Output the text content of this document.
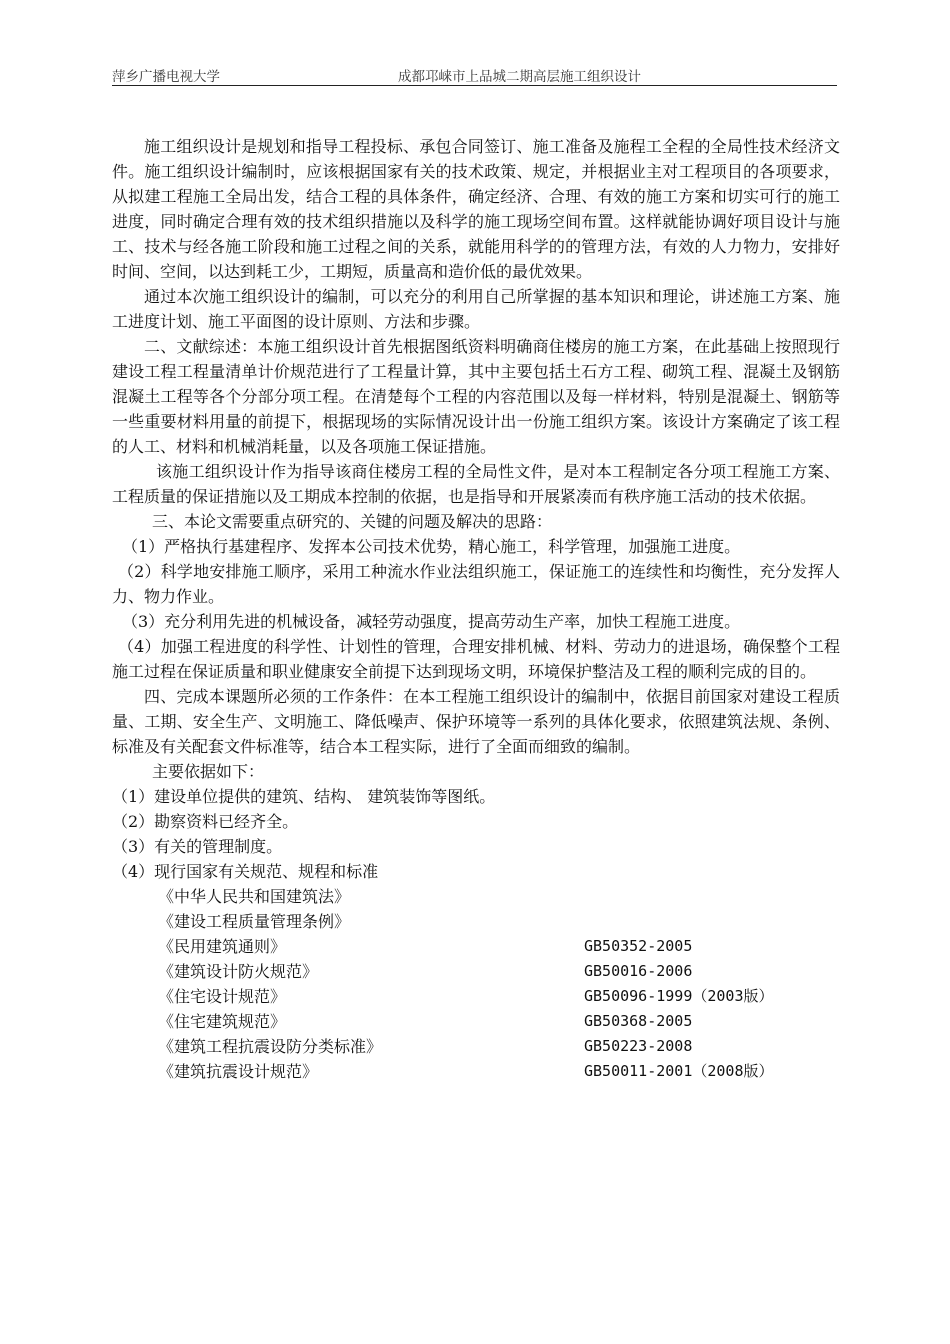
萍乡广播电视大学	成都邛崃市上品城二期高层施工组织设计

施工组织设计是规划和指导工程投标、承包合同签订、施工准备及施程工全程的全局性技术经济文件。施工组织设计编制时，应该根据国家有关的技术政策、规定，并根据业主对工程项目的各项要求，从拟建工程施工全局出发，结合工程的具体条件，确定经济、合理、有效的施工方案和切实可行的施工进度，同时确定合理有效的技术组织措施以及科学的施工现场空间布置。这样就能协调好项目设计与施工、技术与经各施工阶段和施工过程之间的关系，就能用科学的的管理方法，有效的人力物力，安排好时间、空间，以达到耗工少，工期短，质量高和造价低的最优效果。

通过本次施工组织设计的编制，可以充分的利用自己所掌握的基本知识和理论，讲述施工方案、施工进度计划、施工平面图的设计原则、方法和步骤。

二、文献综述：本施工组织设计首先根据图纸资料明确商住楼房的施工方案，在此基础上按照现行建设工程工程量清单计价规范进行了工程量计算，其中主要包括土石方工程、砌筑工程、混凝土及钢筋混凝土工程等各个分部分项工程。在清楚每个工程的内容范围以及每一样材料，特别是混凝土、钢筋等一些重要材料用量的前提下，根据现场的实际情况设计出一份施工组织方案。该设计方案确定了该工程的人工、材料和机械消耗量，以及各项施工保证措施。

该施工组织设计作为指导该商住楼房工程的全局性文件，是对本工程制定各分项工程施工方案、工程质量的保证措施以及工期成本控制的依据，也是指导和开展紧凑而有秩序施工活动的技术依据。

三、本论文需要重点研究的、关键的问题及解决的思路：

（1）严格执行基建程序、发挥本公司技术优势，精心施工，科学管理，加强施工进度。

（2）科学地安排施工顺序，采用工种流水作业法组织施工，保证施工的连续性和均衡性，充分发挥人力、物力作业。

（3）充分利用先进的机械设备，减轻劳动强度，提高劳动生产率，加快工程施工进度。

（4）加强工程进度的科学性、计划性的管理，合理安排机械、材料、劳动力的进退场，确保整个工程施工过程在保证质量和职业健康安全前提下达到现场文明，环境保护整洁及工程的顺利完成的目的。

四、完成本课题所必须的工作条件：在本工程施工组织设计的编制中，依据目前国家对建设工程质量、工期、安全生产、文明施工、降低噪声、保护环境等一系列的具体化要求，依照建筑法规、条例、标准及有关配套文件标准等，结合本工程实际，进行了全面而细致的编制。

主要依据如下：

（1）建设单位提供的建筑、结构、 建筑装饰等图纸。

（2）勘察资料已经齐全。

（3）有关的管理制度。

（4）现行国家有关规范、规程和标准

《中华人民共和国建筑法》
《建设工程质量管理条例》
《民用建筑通则》	GB50352-2005
《建筑设计防火规范》	GB50016-2006
《住宅设计规范》	GB50096-1999（2003版）
《住宅建筑规范》	GB50368-2005
《建筑工程抗震设防分类标准》	GB50223-2008
《建筑抗震设计规范》	GB50011-2001（2008版）
